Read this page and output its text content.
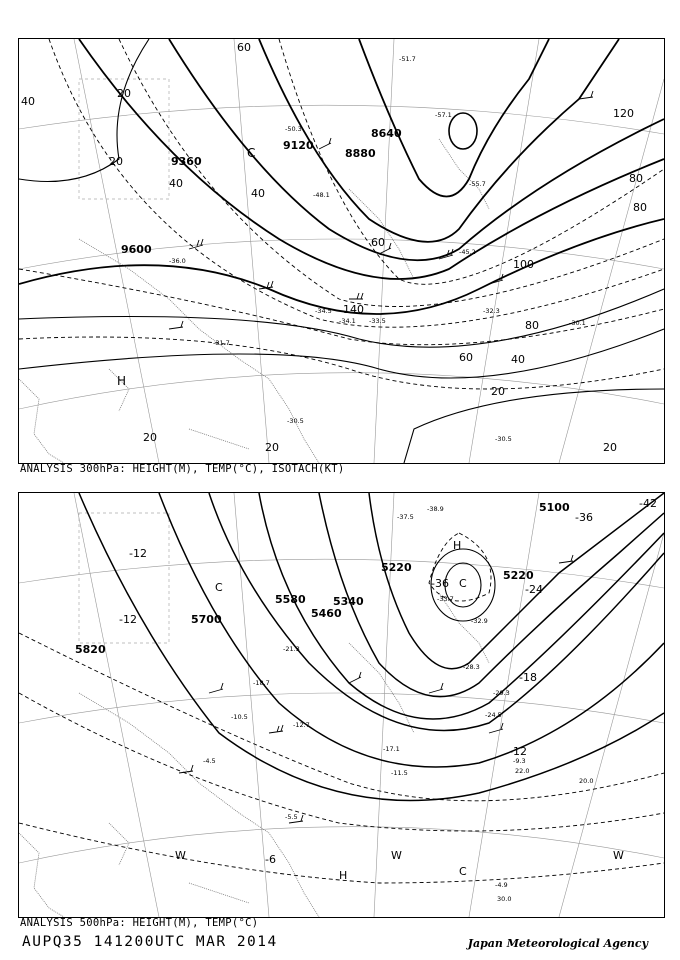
9360
9120
8880
8640
9600
40
20
20
40
40
60
80
100
120
140
80
60	40
20
20
20	20
80
60
H
C
-50.3
-55.7
-48.1
-45.2
-36.0
-34.5
-33.5
-34.1
-32.3
-31.7
-30.1
-30.5
-30.5
-57.1
-51.7
ANALYSIS 300hPa: HEIGHT(M), TEMP(°C), ISOTACH(KT)
5100
5220
5220
5340
5460
5580
5700
5820
-36
-36	-24
-18
-12
-12
-12
-6
-42
H
C	C
W
H
W
C
W
-37.5
-38.9
-33.7
-32.9
-29.3
-28.3
-24.5
-17.1
-11.5
-10.5
-9.3
-5.5
-4.9
-21.3
-18.7
-12.7
-4.5
30.0
22.0
20.0
ANALYSIS 500hPa: HEIGHT(M), TEMP(°C)
AUPQ35 141200UTC MAR 2014	Japan Meteorological Agency
